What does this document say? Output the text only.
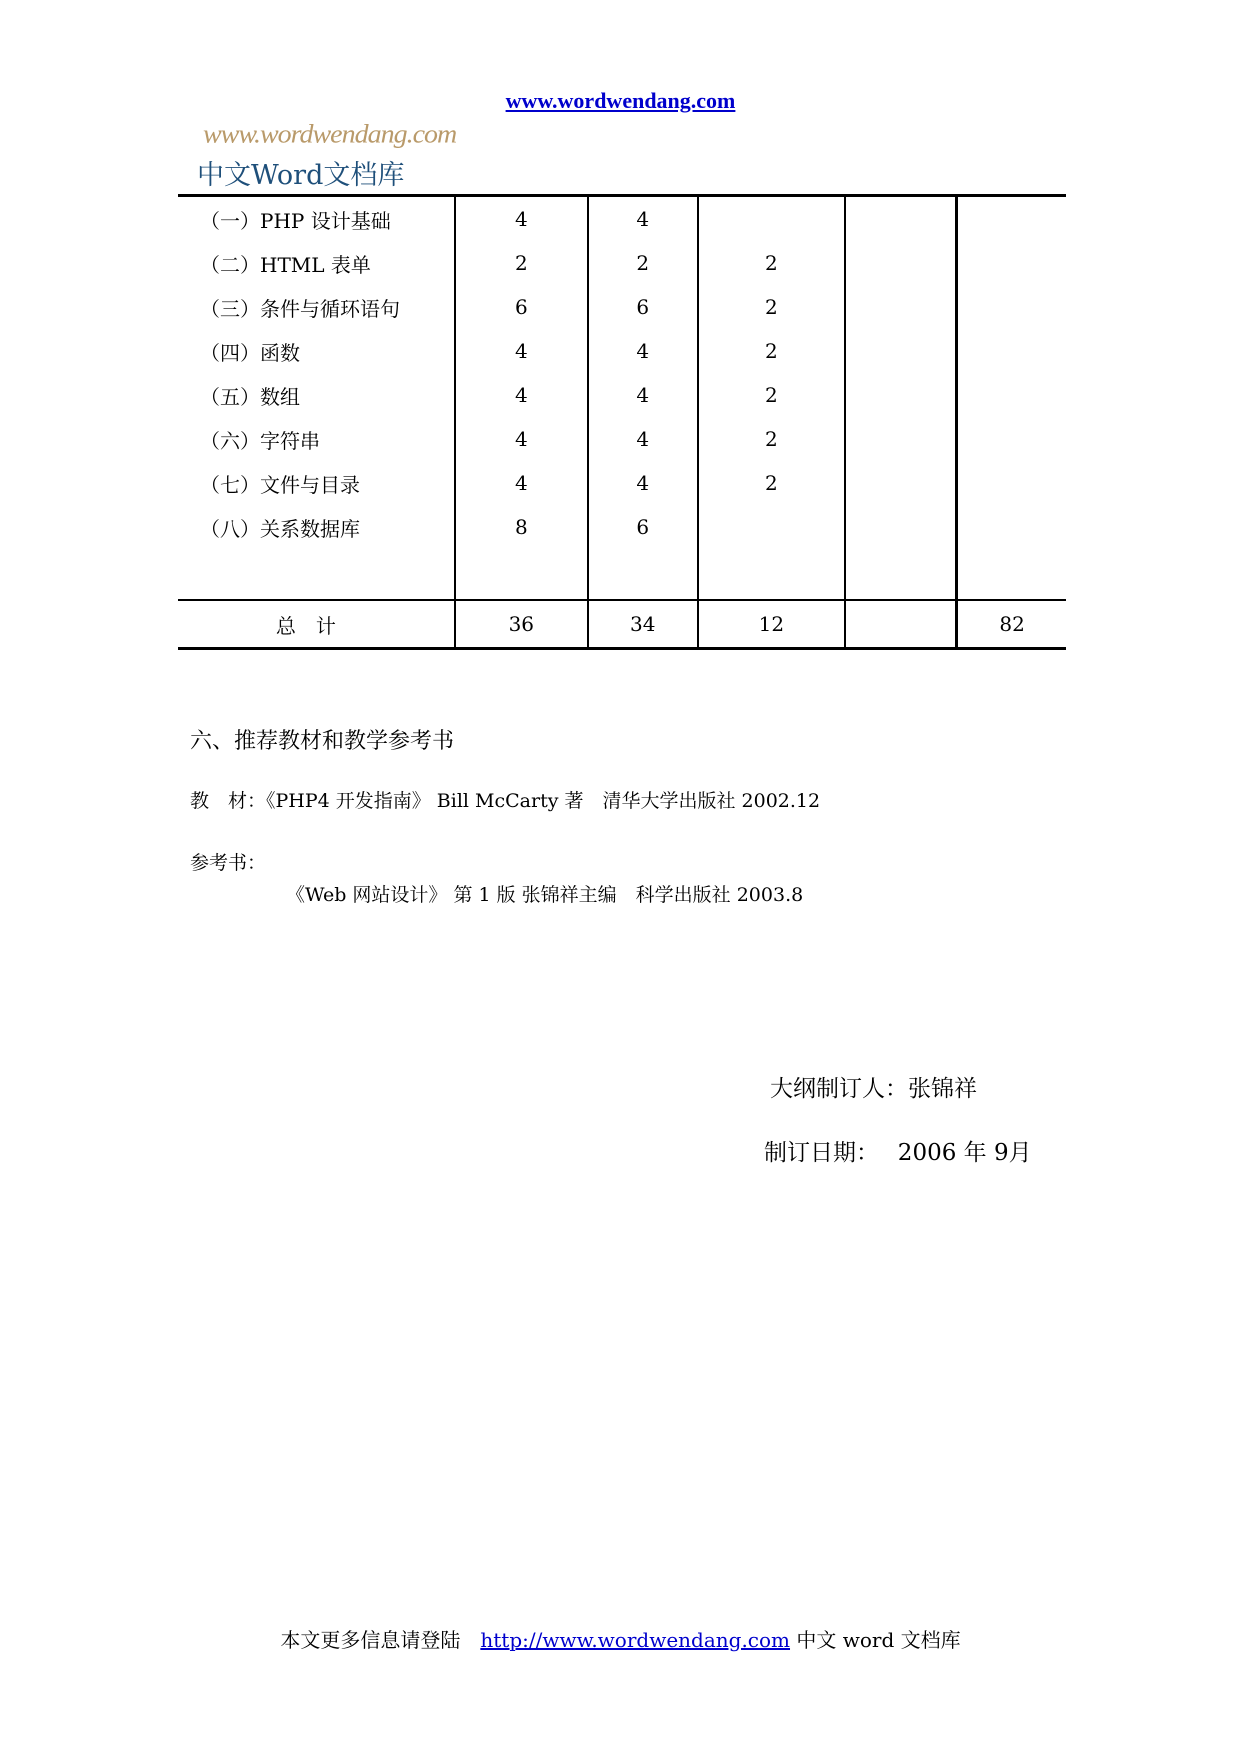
www.wordwendang.com
www.wordwendang.com
中文Word文档库
（一）PHP 设计基础	4	4			
（二）HTML 表单	2	2	2		
（三）条件与循环语句	6	6	2		
（四）函数	4	4	2		
（五）数组	4	4	2		
（六）字符串	4	4	2		
（七）文件与目录	4	4	2		
（八）关系数据库	8	6			

总计	36	34	12		82
六、推荐教材和教学参考书
教　材：《PHP4 开发指南》 Bill McCarty 著　清华大学出版社 2002.12
参考书：
《Web 网站设计》 第 1 版 张锦祥主编　科学出版社 2003.8
大纲制订人：张锦祥
制订日期：　 2006 年 9月
本文更多信息请登陆　http://www.wordwendang.com 中文 word 文档库
